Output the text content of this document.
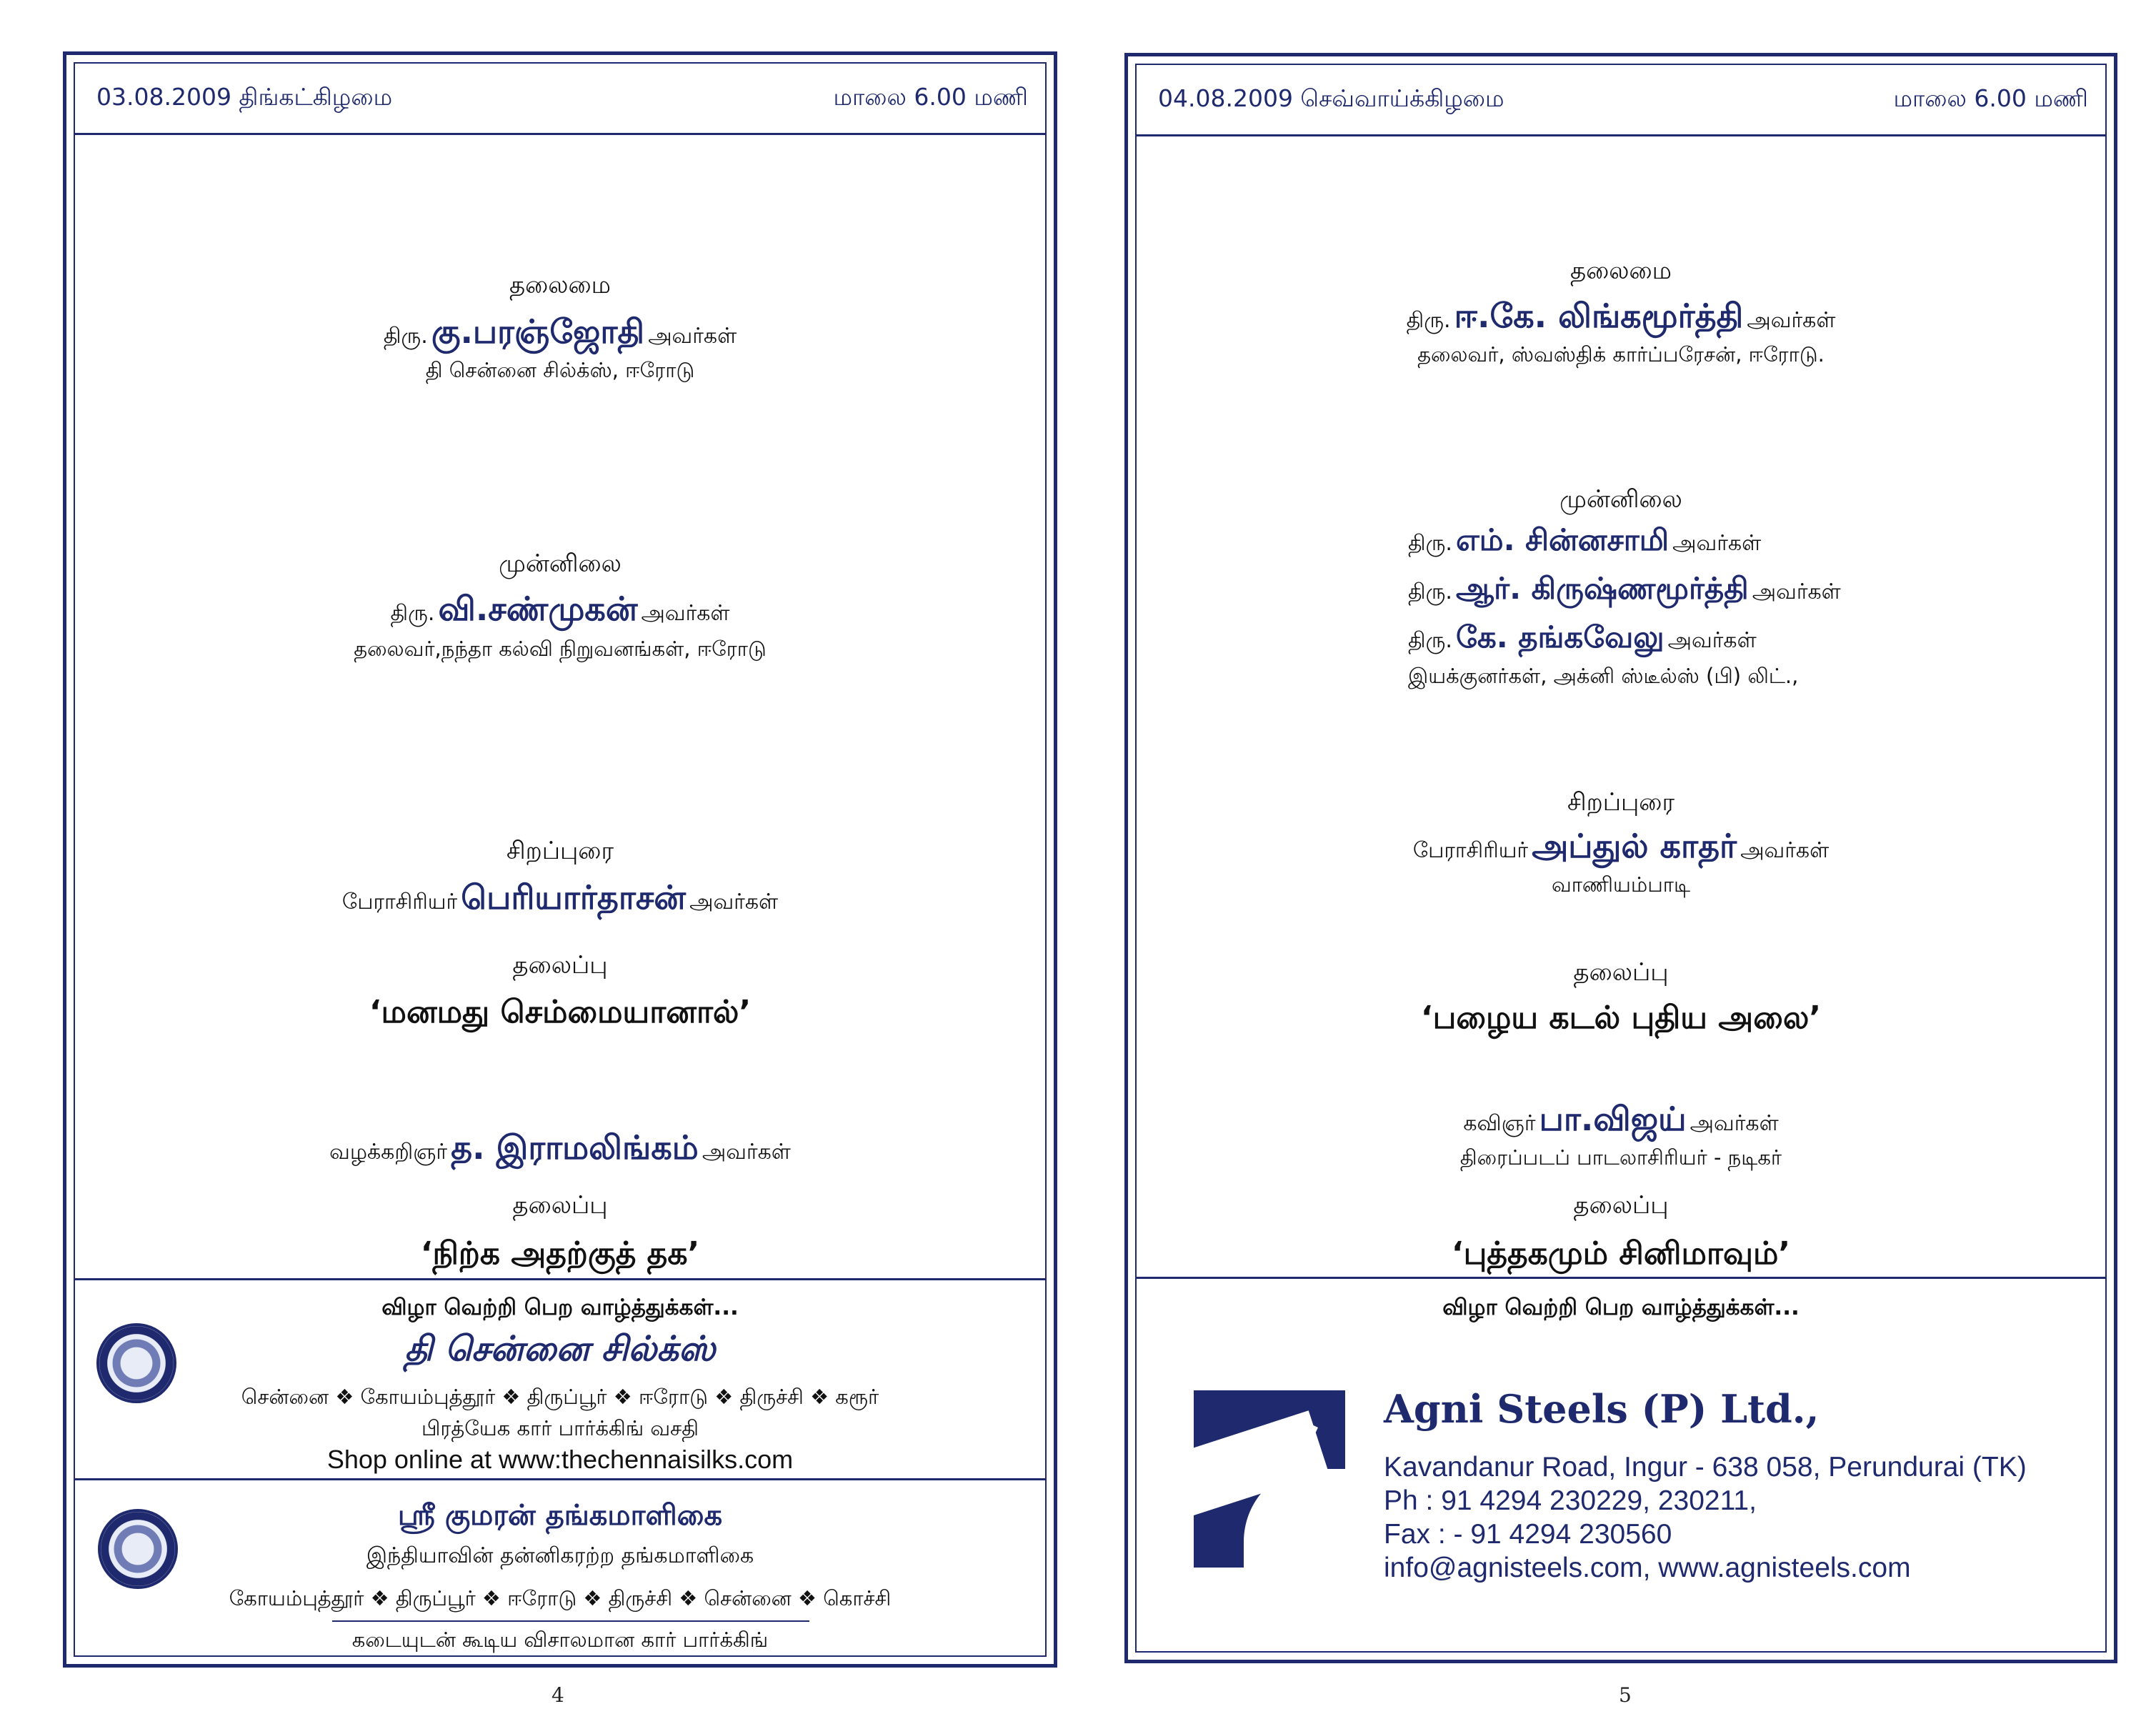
03.08.2009 திங்கட்கிழமை	மாலை 6.00 மணி
தலைமை
திரு. கு.பரஞ்ஜோதி அவர்கள்
தி சென்னை சில்க்ஸ், ஈரோடு
முன்னிலை
திரு. வி.சண்முகன் அவர்கள்
தலைவர்,நந்தா கல்வி நிறுவனங்கள், ஈரோடு
சிறப்புரை
பேராசிரியர் பெரியார்தாசன் அவர்கள்
தலைப்பு
‘மனமது செம்மையானால்’
வழக்கறிஞர் த. இராமலிங்கம் அவர்கள்
தலைப்பு
‘நிற்க அதற்குத் தக’
விழா வெற்றி பெற வாழ்த்துக்கள்...
தி சென்னை சில்க்ஸ்
சென்னை ❖ கோயம்புத்தூர் ❖ திருப்பூர் ❖ ஈரோடு ❖ திருச்சி ❖ கரூர்
பிரத்யேக கார் பார்க்கிங் வசதி
Shop online at www:thechennaisilks.com
ஸ்ரீ குமரன் தங்கமாளிகை
இந்தியாவின் தன்னிகரற்ற தங்கமாளிகை
கோயம்புத்தூர் ❖ திருப்பூர் ❖ ஈரோடு ❖ திருச்சி ❖ சென்னை ❖ கொச்சி
கடையுடன் கூடிய விசாலமான கார் பார்க்கிங்
4
04.08.2009 செவ்வாய்க்கிழமை	மாலை 6.00 மணி
தலைமை
திரு. ஈ.கே. லிங்கமூர்த்தி அவர்கள்
தலைவர், ஸ்வஸ்திக் கார்ப்பரேசன், ஈரோடு.
முன்னிலை
திரு. எம். சின்னசாமி அவர்கள்
திரு. ஆர். கிருஷ்ணமூர்த்தி அவர்கள்
திரு. கே. தங்கவேலு அவர்கள்
இயக்குனர்கள், அக்னி ஸ்டீல்ஸ் (பி) லிட்.,
சிறப்புரை
பேராசிரியர் அப்துல் காதர் அவர்கள்
வாணியம்பாடி
தலைப்பு
‘பழைய கடல் புதிய அலை’
கவிஞர் பா.விஜய் அவர்கள்
திரைப்படப் பாடலாசிரியர் - நடிகர்
தலைப்பு
‘புத்தகமும் சினிமாவும்’
விழா வெற்றி பெற வாழ்த்துக்கள்...
Agni Steels (P) Ltd.,
Kavandanur Road, Ingur - 638 058, Perundurai (TK)
Ph : 91 4294 230229, 230211,
Fax : - 91 4294 230560
info@agnisteels.com, www.agnisteels.com
5
